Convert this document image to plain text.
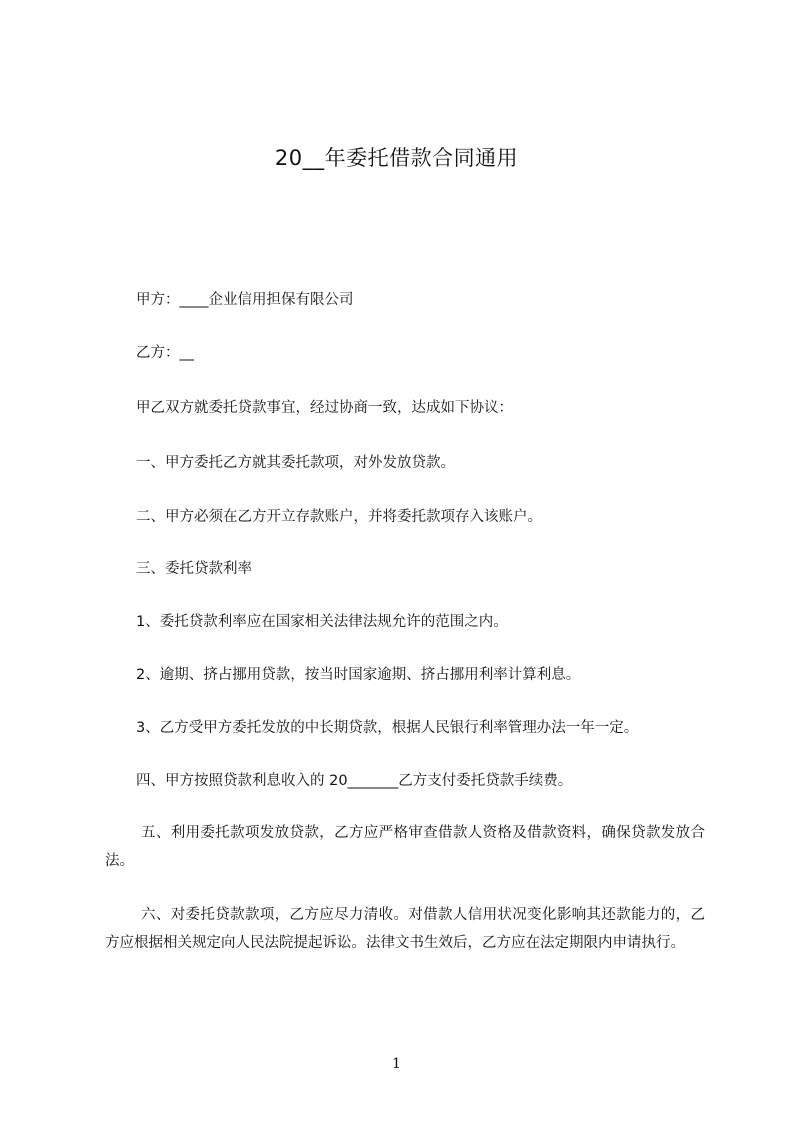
20__年委托借款合同通用
甲方：____企业信用担保有限公司
乙方：__
甲乙双方就委托贷款事宜，经过协商一致，达成如下协议：
一、甲方委托乙方就其委托款项，对外发放贷款。
二、甲方必须在乙方开立存款账户，并将委托款项存入该账户。
三、委托贷款利率
1、委托贷款利率应在国家相关法律法规允许的范围之内。
2、逾期、挤占挪用贷款，按当时国家逾期、挤占挪用利率计算利息。
3、乙方受甲方委托发放的中长期贷款，根据人民银行利率管理办法一年一定。
四、甲方按照贷款利息收入的 20_______乙方支付委托贷款手续费。
五、利用委托款项发放贷款，乙方应严格审查借款人资格及借款资料，确保贷款发放合法。
六、对委托贷款款项，乙方应尽力清收。对借款人信用状况变化影响其还款能力的，乙方应根据相关规定向人民法院提起诉讼。法律文书生效后，乙方应在法定期限内申请执行。
1
